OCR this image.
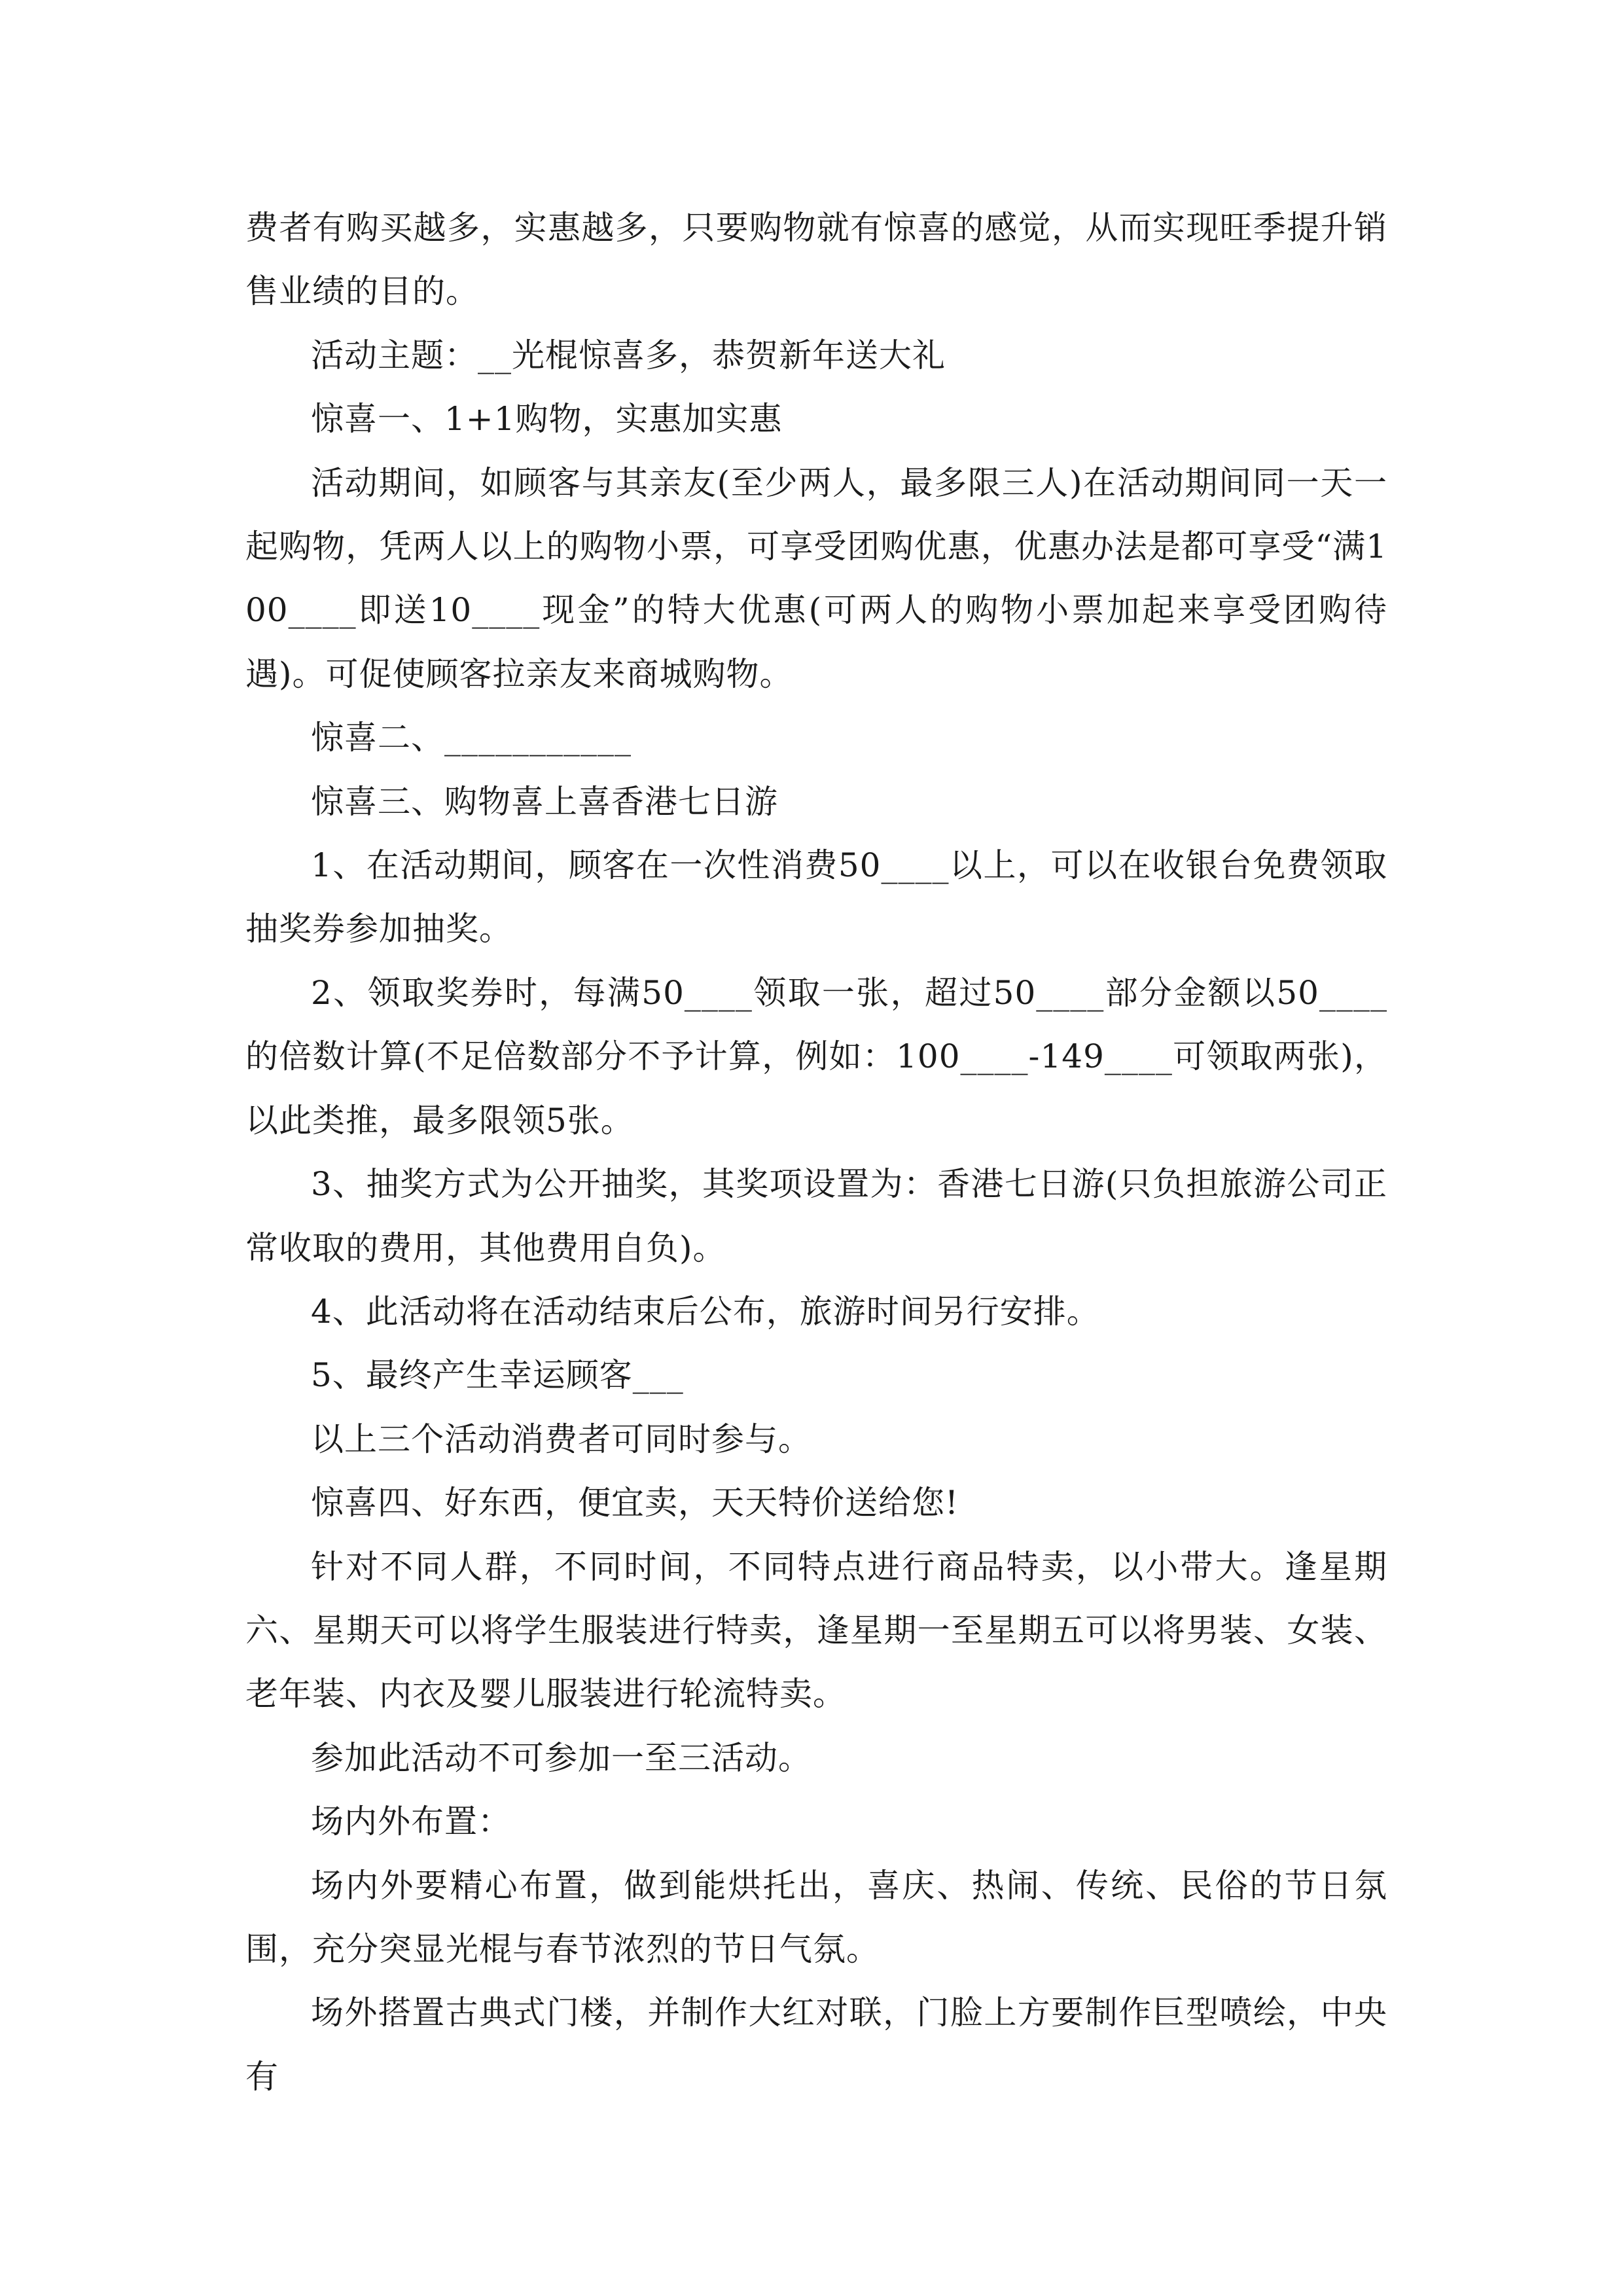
费者有购买越多，实惠越多，只要购物就有惊喜的感觉，从而实现旺季提升销售业绩的目的。

活动主题：__光棍惊喜多，恭贺新年送大礼

惊喜一、1+1购物，实惠加实惠

活动期间，如顾客与其亲友(至少两人，最多限三人)在活动期间同一天一起购物，凭两人以上的购物小票，可享受团购优惠，优惠办法是都可享受“满100____即送10____现金”的特大优惠(可两人的购物小票加起来享受团购待遇)。可促使顾客拉亲友来商城购物。

惊喜二、___________

惊喜三、购物喜上喜香港七日游

1、在活动期间，顾客在一次性消费50____以上，可以在收银台免费领取抽奖券参加抽奖。

2、领取奖券时，每满50____领取一张，超过50____部分金额以50____的倍数计算(不足倍数部分不予计算，例如：100____-149____可领取两张)，以此类推，最多限领5张。

3、抽奖方式为公开抽奖，其奖项设置为：香港七日游(只负担旅游公司正常收取的费用，其他费用自负)。

4、此活动将在活动结束后公布，旅游时间另行安排。

5、最终产生幸运顾客___

以上三个活动消费者可同时参与。

惊喜四、好东西，便宜卖，天天特价送给您!

针对不同人群，不同时间，不同特点进行商品特卖，以小带大。逢星期六、星期天可以将学生服装进行特卖，逢星期一至星期五可以将男装、女装、老年装、内衣及婴儿服装进行轮流特卖。

参加此活动不可参加一至三活动。

场内外布置：

场内外要精心布置，做到能烘托出，喜庆、热闹、传统、民俗的节日氛围，充分突显光棍与春节浓烈的节日气氛。

场外搭置古典式门楼，并制作大红对联，门脸上方要制作巨型喷绘，中央有
